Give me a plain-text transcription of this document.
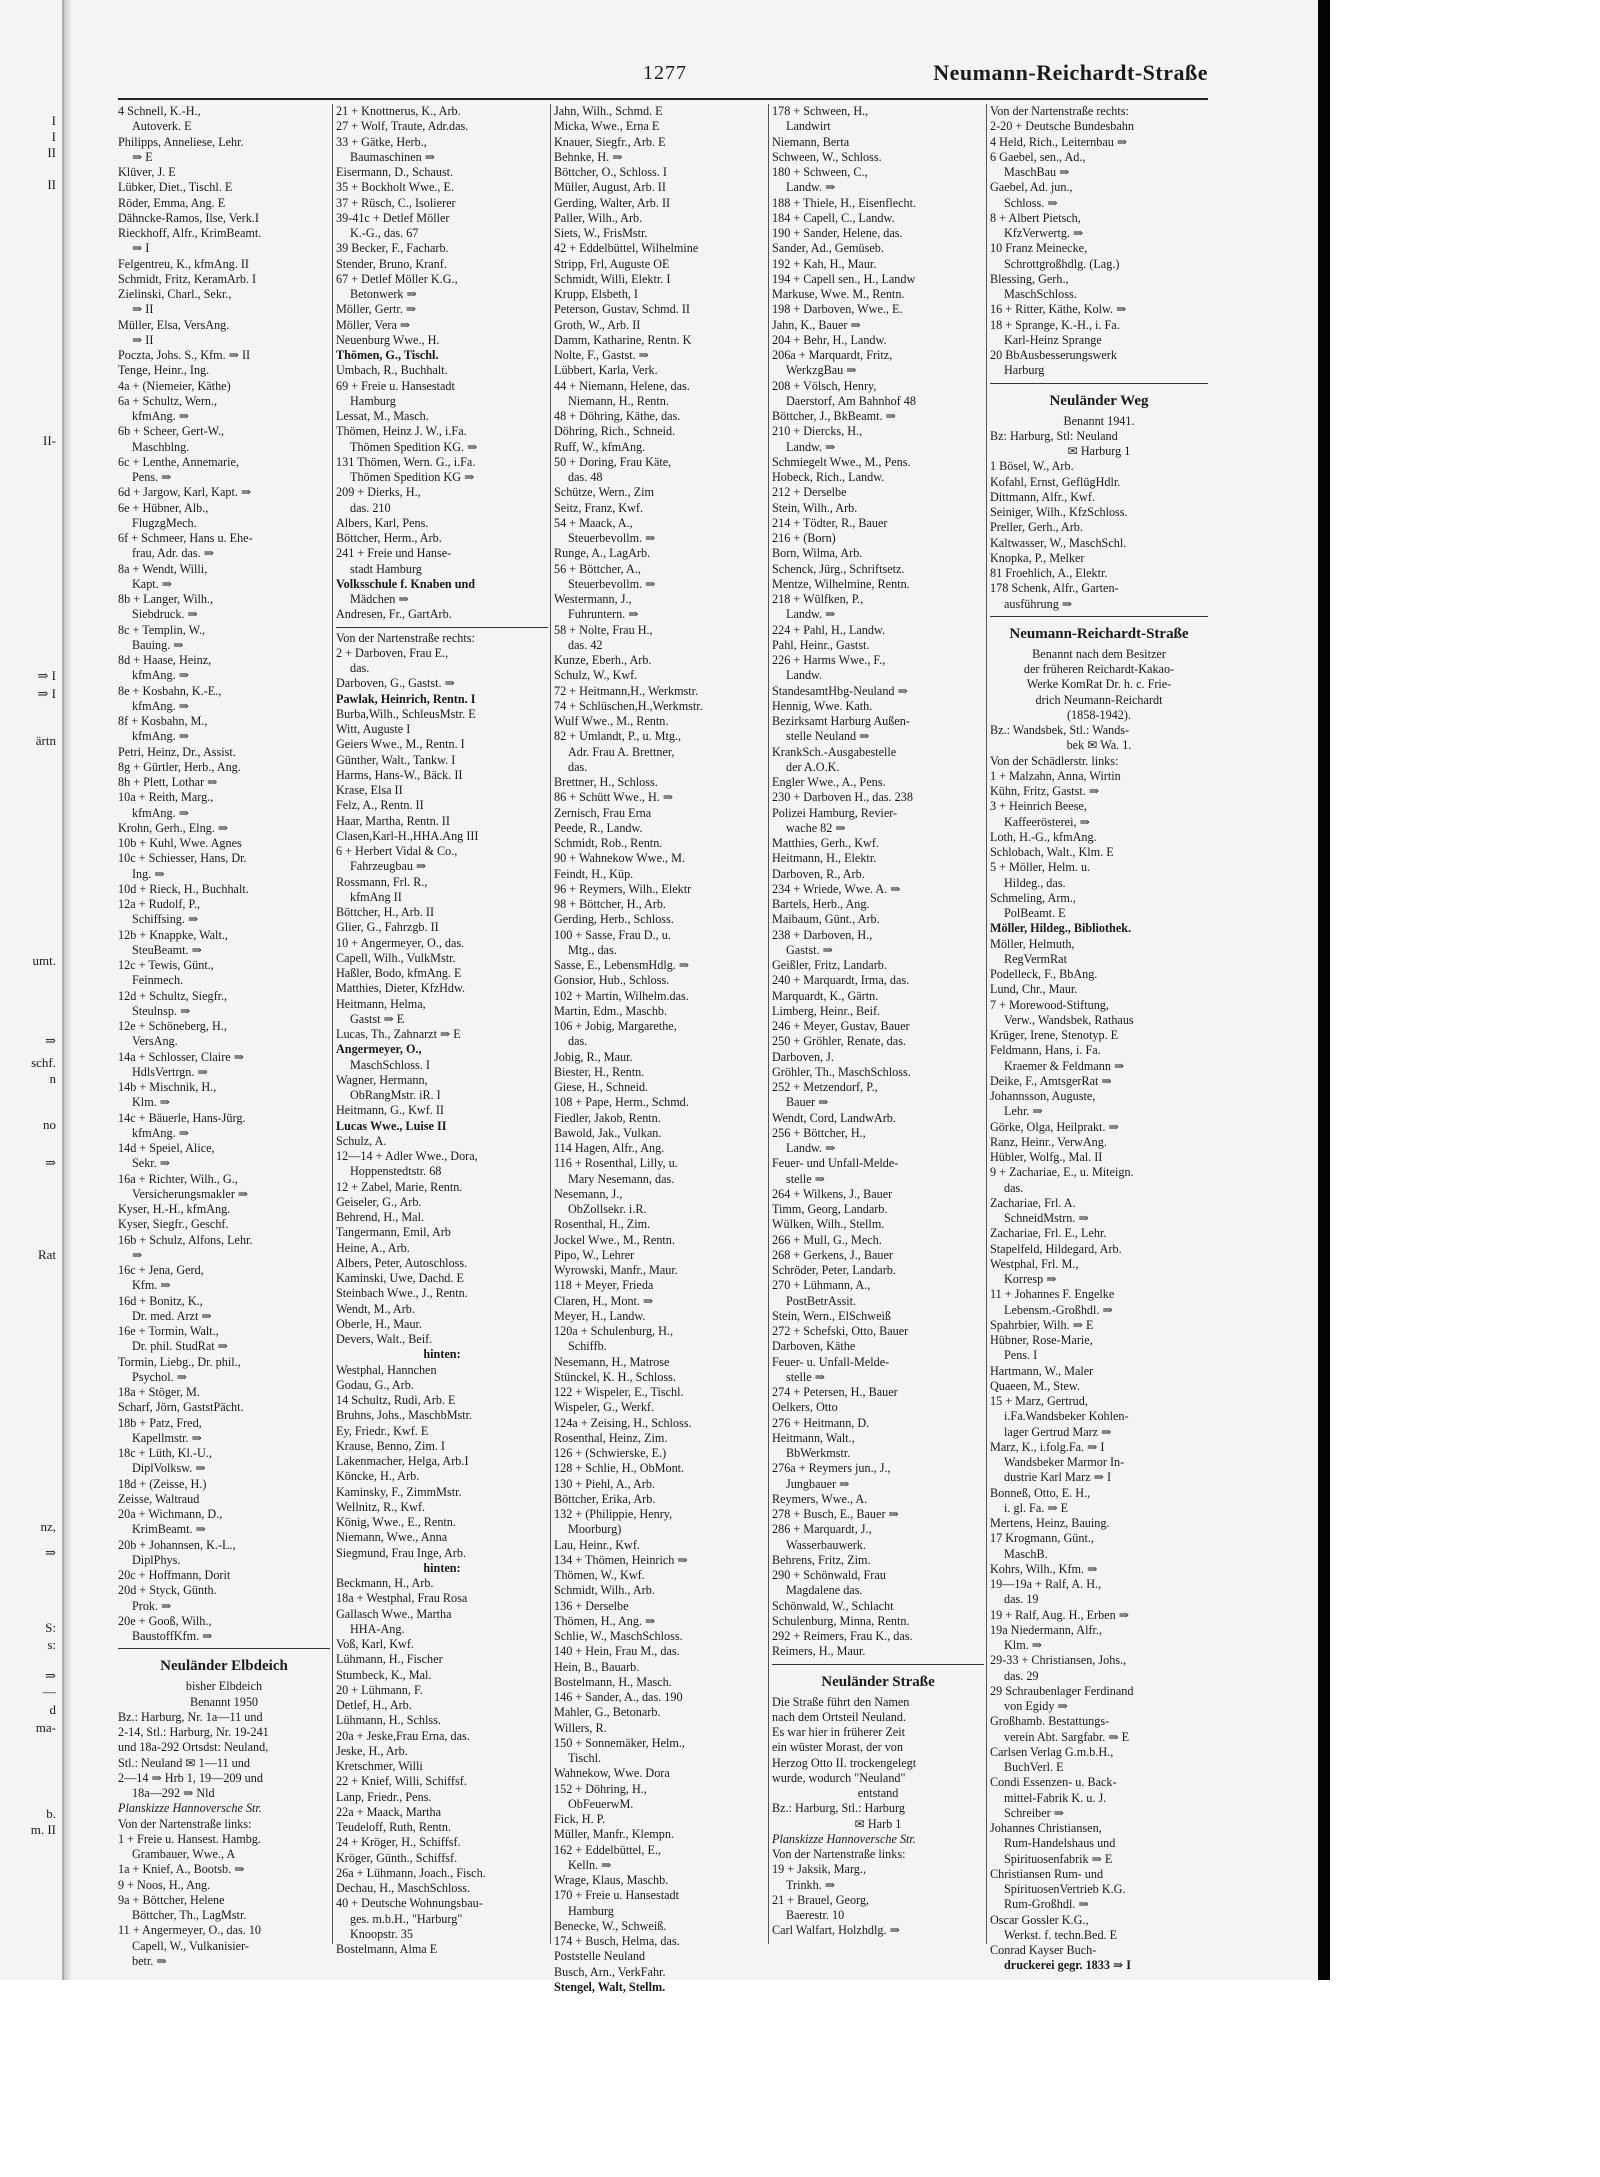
I
I
II
II
II-
⇒ I
⇒ I
ärtn
umt.
⇒
schf.
n
no
⇒
Rat
nz,
⇒
S:
s:
⇒
—
d
ma-
b.
m. II
1277	Neumann-Reichardt-Straße
4 Schnell, K.-H.,
Autoverk. E
Philipps, Anneliese, Lehr.
⇒ E
Klüver, J. E
Lübker, Diet., Tischl. E
Röder, Emma, Ang. E
Dähncke-Ramos, Ilse, Verk.I
Rieckhoff, Alfr., KrimBeamt.
⇒ I
Felgentreu, K., kfmAng. II
Schmidt, Fritz, KeramArb. I
Zielinski, Charl., Sekr.,
⇒ II
Müller, Elsa, VersAng.
⇒ II
Poczta, Johs. S., Kfm. ⇒ II
Tenge, Heinr., Ing.
4a + (Niemeier, Käthe)
6a + Schultz, Wern.,
kfmAng. ⇒
6b + Scheer, Gert-W.,
Maschblng.
6c + Lenthe, Annemarie,
Pens. ⇒
6d + Jargow, Karl, Kapt. ⇒
6e + Hübner, Alb.,
FlugzgMech.
6f + Schmeer, Hans u. Ehe-
frau, Adr. das. ⇒
8a + Wendt, Willi,
Kapt. ⇒
8b + Langer, Wilh.,
Siebdruck. ⇒
8c + Templin, W.,
Bauing. ⇒
8d + Haase, Heinz,
kfmAng. ⇒
8e + Kosbahn, K.-E.,
kfmAng. ⇒
8f + Kosbahn, M.,
kfmAng. ⇒
Petri, Heinz, Dr., Assist.
8g + Gürtler, Herb., Ang.
8h + Plett, Lothar ⇒
10a + Reith, Marg.,
kfmAng. ⇒
Krohn, Gerh., Elng. ⇒
10b + Kuhl, Wwe. Agnes
10c + Schiesser, Hans, Dr.
Ing. ⇒
10d + Rieck, H., Buchhalt.
12a + Rudolf, P.,
Schiffsing. ⇒
12b + Knappke, Walt.,
SteuBeamt. ⇒
12c + Tewis, Günt.,
Feinmech.
12d + Schultz, Siegfr.,
Steulnsp. ⇒
12e + Schöneberg, H.,
VersAng.
14a + Schlosser, Claire ⇒
HdlsVertrgn. ⇒
14b + Mischnik, H.,
Klm. ⇒
14c + Bäuerle, Hans-Jürg.
kfmAng. ⇒
14d + Speiel, Alice,
Sekr. ⇒
16a + Richter, Wilh., G.,
Versicherungsmakler ⇒
Kyser, H.-H., kfmAng.
Kyser, Siegfr., Geschf.
16b + Schulz, Alfons, Lehr.
⇒
16c + Jena, Gerd,
Kfm. ⇒
16d + Bonitz, K.,
Dr. med. Arzt ⇒
16e + Tormin, Walt.,
Dr. phil. StudRat ⇒
Tormin, Liebg., Dr. phil.,
Psychol. ⇒
18a + Stöger, M.
Scharf, Jörn, GaststPächt.
18b + Patz, Fred,
Kapellmstr. ⇒
18c + Lüth, Kl.-U.,
DiplVolksw. ⇒
18d + (Zeisse, H.)
Zeisse, Waltraud
20a + Wichmann, D.,
KrimBeamt. ⇒
20b + Johannsen, K.-L.,
DiplPhys.
20c + Hoffmann, Dorit
20d + Styck, Günth.
Prok. ⇒
20e + Gooß, Wilh.,
BaustoffKfm. ⇒
Neuländer Elbdeich
bisher Elbdeich
Benannt 1950
Bz.: Harburg, Nr. 1a—11 und
2-14, Stl.: Harburg, Nr. 19-241
und 18a-292 Ortsdst: Neuland,
Stl.: Neuland ✉ 1—11 und
2—14 ⇒ Hrb 1, 19—209 und
18a—292 ⇒ Nld
Planskizze Hannoversche Str.
Von der Nartenstraße links:
1 + Freie u. Hansest. Hambg.
Grambauer, Wwe., A
1a + Knief, A., Bootsb. ⇒
9 + Noos, H., Ang.
9a + Böttcher, Helene
Böttcher, Th., LagMstr.
11 + Angermeyer, O., das. 10
Capell, W., Vulkanisier-
betr. ⇒
21 + Knottnerus, K., Arb.
27 + Wolf, Traute, Adr.das.
33 + Gätke, Herb.,
Baumaschinen ⇒
Eisermann, D., Schaust.
35 + Bockholt Wwe., E.
37 + Rüsch, C., Isolierer
39-41c + Detlef Möller
K.-G., das. 67
39 Becker, F., Facharb.
Stender, Bruno, Kranf.
67 + Detlef Möller K.G.,
Betonwerk ⇒
Möller, Gertr. ⇒
Möller, Vera ⇒
Neuenburg Wwe., H.
Thömen, G., Tischl.
Umbach, R., Buchhalt.
69 + Freie u. Hansestadt
Hamburg
Lessat, M., Masch.
Thömen, Heinz J. W., i.Fa.
Thömen Spedition KG. ⇒
131 Thömen, Wern. G., i.Fa.
Thömen Spedition KG ⇒
209 + Dierks, H.,
das. 210
Albers, Karl, Pens.
Böttcher, Herm., Arb.
241 + Freie und Hanse-
stadt Hamburg
Volksschule f. Knaben und
Mädchen ⇒
Andresen, Fr., GartArb.
Von der Nartenstraße rechts:
2 + Darboven, Frau E.,
das.
Darboven, G., Gastst. ⇒
Pawlak, Heinrich, Rentn. I
Burba,Wilh., SchleusMstr. E
Witt, Auguste I
Geiers Wwe., M., Rentn. I
Günther, Walt., Tankw. I
Harms, Hans-W., Bäck. II
Krase, Elsa II
Felz, A., Rentn. II
Haar, Martha, Rentn. II
Clasen,Karl-H.,HHA.Ang III
6 + Herbert Vidal & Co.,
Fahrzeugbau ⇒
Rossmann, Frl. R.,
kfmAng II
Böttcher, H., Arb. II
Glier, G., Fahrzgb. II
10 + Angermeyer, O., das.
Capell, Wilh., VulkMstr.
Haßler, Bodo, kfmAng. E
Matthies, Dieter, KfzHdw.
Heitmann, Helma,
Gastst ⇒ E
Lucas, Th., Zahnarzt ⇒ E
Angermeyer, O.,
MaschSchloss. I
Wagner, Hermann,
ObRangMstr. iR. I
Heitmann, G., Kwf. II
Lucas Wwe., Luise II
Schulz, A.
12—14 + Adler Wwe., Dora,
Hoppenstedtstr. 68
12 + Zabel, Marie, Rentn.
Geiseler, G., Arb.
Behrend, H., Mal.
Tangermann, Emil, Arb
Heine, A., Arb.
Albers, Peter, Autoschloss.
Kaminski, Uwe, Dachd. E
Steinbach Wwe., J., Rentn.
Wendt, M., Arb.
Oberle, H., Maur.
Devers, Walt., Beif.
hinten:
Westphal, Hannchen
Godau, G., Arb.
14 Schultz, Rudi, Arb. E
Bruhns, Johs., MaschbMstr.
Ey, Friedr., Kwf. E
Krause, Benno, Zim. I
Lakenmacher, Helga, Arb.I
Köncke, H., Arb.
Kaminsky, F., ZimmMstr.
Wellnitz, R., Kwf.
König, Wwe., E., Rentn.
Niemann, Wwe., Anna
Siegmund, Frau Inge, Arb.
hinten:
Beckmann, H., Arb.
18a + Westphal, Frau Rosa
Gallasch Wwe., Martha
HHA-Ang.
Voß, Karl, Kwf.
Lühmann, H., Fischer
Stumbeck, K., Mal.
20 + Lühmann, F.
Detlef, H., Arb.
Lühmann, H., Schlss.
20a + Jeske,Frau Erna, das.
Jeske, H., Arb.
Kretschmer, Willi
22 + Knief, Willi, Schiffsf.
Lanp, Friedr., Pens.
22a + Maack, Martha
Teudeloff, Ruth, Rentn.
24 + Kröger, H., Schiffsf.
Kröger, Günth., Schiffsf.
26a + Lühmann, Joach., Fisch.
Dechau, H., MaschSchloss.
40 + Deutsche Wohnungsbau-
ges. m.b.H., "Harburg"
Knoopstr. 35
Bostelmann, Alma E
Jahn, Wilh., Schmd. E
Micka, Wwe., Erna E
Knauer, Siegfr., Arb. E
Behnke, H. ⇒
Böttcher, O., Schloss. I
Müller, August, Arb. II
Gerding, Walter, Arb. II
Paller, Wilh., Arb.
Siets, W., FrisMstr.
42 + Eddelbüttel, Wilhelmine
Stripp, Frl, Auguste OE
Schmidt, Willi, Elektr. I
Krupp, Elsbeth, I
Peterson, Gustav, Schmd. II
Groth, W., Arb. II
Damm, Katharine, Rentn. K
Nolte, F., Gastst. ⇒
Lübbert, Karla, Verk.
44 + Niemann, Helene, das.
Niemann, H., Rentn.
48 + Döhring, Käthe, das.
Döhring, Rich., Schneid.
Ruff, W., kfmAng.
50 + Doring, Frau Käte,
das. 48
Schütze, Wern., Zim
Seitz, Franz, Kwf.
54 + Maack, A.,
Steuerbevollm. ⇒
Runge, A., LagArb.
56 + Böttcher, A.,
Steuerbevollm. ⇒
Westermann, J.,
Fuhruntern. ⇒
58 + Nolte, Frau H.,
das. 42
Kunze, Eberh., Arb.
Schulz, W., Kwf.
72 + Heitmann,H., Werkmstr.
74 + Schlüschen,H.,Werkmstr.
Wulf Wwe., M., Rentn.
82 + Umlandt, P., u. Mtg.,
Adr. Frau A. Brettner,
das.
Brettner, H., Schloss.
86 + Schütt Wwe., H. ⇒
Zernisch, Frau Erna
Peede, R., Landw.
Schmidt, Rob., Rentn.
90 + Wahnekow Wwe., M.
Feindt, H., Küp.
96 + Reymers, Wilh., Elektr
98 + Böttcher, H., Arb.
Gerding, Herb., Schloss.
100 + Sasse, Frau D., u.
Mtg., das.
Sasse, E., LebensmHdlg. ⇒
Gonsior, Hub., Schloss.
102 + Martin, Wilhelm.das.
Martin, Edm., Maschb.
106 + Jobig, Margarethe,
das.
Jobig, R., Maur.
Biester, H., Rentn.
Giese, H., Schneid.
108 + Pape, Herm., Schmd.
Fiedler, Jakob, Rentn.
Bawold, Jak., Vulkan.
114 Hagen, Alfr., Ang.
116 + Rosenthal, Lilly, u.
Mary Nesemann, das.
Nesemann, J.,
ObZollsekr. i.R.
Rosenthal, H., Zim.
Jockel Wwe., M., Rentn.
Pipo, W., Lehrer
Wyrowski, Manfr., Maur.
118 + Meyer, Frieda
Claren, H., Mont. ⇒
Meyer, H., Landw.
120a + Schulenburg, H.,
Schiffb.
Nesemann, H., Matrose
Stünckel, K. H., Schloss.
122 + Wispeler, E., Tischl.
Wispeler, G., Werkf.
124a + Zeising, H., Schloss.
Rosenthal, Heinz, Zim.
126 + (Schwierske, E.)
128 + Schlie, H., ObMont.
130 + Piehl, A., Arb.
Böttcher, Erika, Arb.
132 + (Philippie, Henry,
Moorburg)
Lau, Heinr., Kwf.
134 + Thömen, Heinrich ⇒
Thömen, W., Kwf.
Schmidt, Wilh., Arb.
136 + Derselbe
Thömen, H., Ang. ⇒
Schlie, W., MaschSchloss.
140 + Hein, Frau M., das.
Hein, B., Bauarb.
Bostelmann, H., Masch.
146 + Sander, A., das. 190
Mahler, G., Betonarb.
Willers, R.
150 + Sonnemäker, Helm.,
Tischl.
Wahnekow, Wwe. Dora
152 + Döhring, H.,
ObFeuerwM.
Fick, H. P.
Müller, Manfr., Klempn.
162 + Eddelbüttel, E.,
Kelln. ⇒
Wrage, Klaus, Maschb.
170 + Freie u. Hansestadt
Hamburg
Benecke, W., Schweiß.
174 + Busch, Helma, das.
Poststelle Neuland
Busch, Arn., VerkFahr.
Stengel, Walt, Stellm.
178 + Schween, H.,
Landwirt
Niemann, Berta
Schween, W., Schloss.
180 + Schween, C.,
Landw. ⇒
188 + Thiele, H., Eisenflecht.
184 + Capell, C., Landw.
190 + Sander, Helene, das.
Sander, Ad., Gemüseb.
192 + Kah, H., Maur.
194 + Capell sen., H., Landw
Markuse, Wwe. M., Rentn.
198 + Darboven, Wwe., E.
Jahn, K., Bauer ⇒
204 + Behr, H., Landw.
206a + Marquardt, Fritz,
WerkzgBau ⇒
208 + Völsch, Henry,
Daerstorf, Am Bahnhof 48
Böttcher, J., BkBeamt. ⇒
210 + Diercks, H.,
Landw. ⇒
Schmiegelt Wwe., M., Pens.
Hobeck, Rich., Landw.
212 + Derselbe
Stein, Wilh., Arb.
214 + Tödter, R., Bauer
216 + (Born)
Born, Wilma, Arb.
Schenck, Jürg., Schriftsetz.
Mentze, Wilhelmine, Rentn.
218 + Wülfken, P.,
Landw. ⇒
224 + Pahl, H., Landw.
Pahl, Heinr., Gastst.
226 + Harms Wwe., F.,
Landw.
StandesamtHbg-Neuland ⇒
Hennig, Wwe. Kath.
Bezirksamt Harburg Außen-
stelle Neuland ⇒
KrankSch.-Ausgabestelle
der A.O.K.
Engler Wwe., A., Pens.
230 + Darboven H., das. 238
Polizei Hamburg, Revier-
wache 82 ⇒
Matthies, Gerh., Kwf.
Heitmann, H., Elektr.
Darboven, R., Arb.
234 + Wriede, Wwe. A. ⇒
Bartels, Herb., Ang.
Maibaum, Günt., Arb.
238 + Darboven, H.,
Gastst. ⇒
Geißler, Fritz, Landarb.
240 + Marquardt, Irma, das.
Marquardt, K., Gärtn.
Limberg, Heinr., Beif.
246 + Meyer, Gustav, Bauer
250 + Gröhler, Renate, das.
Darboven, J.
Gröhler, Th., MaschSchloss.
252 + Metzendorf, P.,
Bauer ⇒
Wendt, Cord, LandwArb.
256 + Böttcher, H.,
Landw. ⇒
Feuer- und Unfall-Melde-
stelle ⇒
264 + Wilkens, J., Bauer
Timm, Georg, Landarb.
Wülken, Wilh., Stellm.
266 + Mull, G., Mech.
268 + Gerkens, J., Bauer
Schröder, Peter, Landarb.
270 + Lühmann, A.,
PostBetrAssit.
Stein, Wern., ElSchweiß
272 + Schefski, Otto, Bauer
Darboven, Käthe
Feuer- u. Unfall-Melde-
stelle ⇒
274 + Petersen, H., Bauer
Oelkers, Otto
276 + Heitmann, D.
Heitmann, Walt.,
BbWerkmstr.
276a + Reymers jun., J.,
Jungbauer ⇒
Reymers, Wwe., A.
278 + Busch, E., Bauer ⇒
286 + Marquardt, J.,
Wasserbauwerk.
Behrens, Fritz, Zim.
290 + Schönwald, Frau
Magdalene das.
Schönwald, W., Schlacht
Schulenburg, Minna, Rentn.
292 + Reimers, Frau K., das.
Reimers, H., Maur.
Neuländer Straße
Die Straße führt den Namen
nach dem Ortsteil Neuland.
Es war hier in früherer Zeit
ein wüster Morast, der von
Herzog Otto II. trockengelegt
wurde, wodurch "Neuland"
entstand
Bz.: Harburg, Stl.: Harburg
✉ Harb 1
Planskizze Hannoversche Str.
Von der Nartenstraße links:
19 + Jaksik, Marg.,
Trinkh. ⇒
21 + Brauel, Georg,
Baerestr. 10
Carl Walfart, Holzhdlg. ⇒
Von der Nartenstraße rechts:
2-20 + Deutsche Bundesbahn
4 Held, Rich., Leiternbau ⇒
6 Gaebel, sen., Ad.,
MaschBau ⇒
Gaebel, Ad. jun.,
Schloss. ⇒
8 + Albert Pietsch,
KfzVerwertg. ⇒
10 Franz Meinecke,
Schrottgroßhdlg. (Lag.)
Blessing, Gerh.,
MaschSchloss.
16 + Ritter, Käthe, Kolw. ⇒
18 + Sprange, K.-H., i. Fa.
Karl-Heinz Sprange
20 BbAusbesserungswerk
Harburg
Neuländer Weg
Benannt 1941.
Bz: Harburg, Stl: Neuland
✉ Harburg 1
1 Bösel, W., Arb.
Kofahl, Ernst, GeflügHdlr.
Dittmann, Alfr., Kwf.
Seiniger, Wilh., KfzSchloss.
Preller, Gerh., Arb.
Kaltwasser, W., MaschSchl.
Knopka, P., Melker
81 Froehlich, A., Elektr.
178 Schenk, Alfr., Garten-
ausführung ⇒
Neumann-Reichardt-Straße
Benannt nach dem Besitzer
der früheren Reichardt-Kakao-
Werke KomRat Dr. h. c. Frie-
drich Neumann-Reichardt
(1858-1942).
Bz.: Wandsbek, Stl.: Wands-
bek ✉ Wa. 1.
Von der Schädlerstr. links:
1 + Malzahn, Anna, Wirtin
Kühn, Fritz, Gastst. ⇒
3 + Heinrich Beese,
Kaffeerösterei, ⇒
Loth, H.-G., kfmAng.
Schlobach, Walt., Klm. E
5 + Möller, Helm. u.
Hildeg., das.
Schmeling, Arm.,
PolBeamt. E
Möller, Hildeg., Bibliothek.
Möller, Helmuth,
RegVermRat
Podelleck, F., BbAng.
Lund, Chr., Maur.
7 + Morewood-Stiftung,
Verw., Wandsbek, Rathaus
Krüger, Irene, Stenotyp. E
Feldmann, Hans, i. Fa.
Kraemer & Feldmann ⇒
Deike, F., AmtsgerRat ⇒
Johannsson, Auguste,
Lehr. ⇒
Görke, Olga, Heilprakt. ⇒
Ranz, Heinr., VerwAng.
Hübler, Wolfg., Mal. II
9 + Zachariae, E., u. Miteign.
das.
Zachariae, Frl. A.
SchneidMstrn. ⇒
Zachariae, Frl. E., Lehr.
Stapelfeld, Hildegard, Arb.
Westphal, Frl. M.,
Korresp ⇒
11 + Johannes F. Engelke
Lebensm.-Großhdl. ⇒
Spahrbier, Wilh. ⇒ E
Hübner, Rose-Marie,
Pens. I
Hartmann, W., Maler
Quaeen, M., Stew.
15 + Marz, Gertrud,
i.Fa.Wandsbeker Kohlen-
lager Gertrud Marz ⇒
Marz, K., i.folg.Fa. ⇒ I
Wandsbeker Marmor In-
dustrie Karl Marz ⇒ I
Bonneß, Otto, E. H.,
i. gl. Fa. ⇒ E
Mertens, Heinz, Bauing.
17 Krogmann, Günt.,
MaschB.
Kohrs, Wilh., Kfm. ⇒
19—19a + Ralf, A. H.,
das. 19
19 + Ralf, Aug. H., Erben ⇒
19a Niedermann, Alfr.,
Klm. ⇒
29-33 + Christiansen, Johs.,
das. 29
29 Schraubenlager Ferdinand
von Egidy ⇒
Großhamb. Bestattungs-
verein Abt. Sargfabr. ⇒ E
Carlsen Verlag G.m.b.H.,
BuchVerl. E
Condi Essenzen- u. Back-
mittel-Fabrik K. u. J.
Schreiber ⇒
Johannes Christiansen,
Rum-Handelshaus und
Spirituosenfabrik ⇒ E
Christiansen Rum- und
SpirituosenVertrieb K.G.
Rum-Großhdl. ⇒
Oscar Gossler K.G.,
Werkst. f. techn.Bed. E
Conrad Kayser Buch-
druckerei gegr. 1833 ⇒ I
